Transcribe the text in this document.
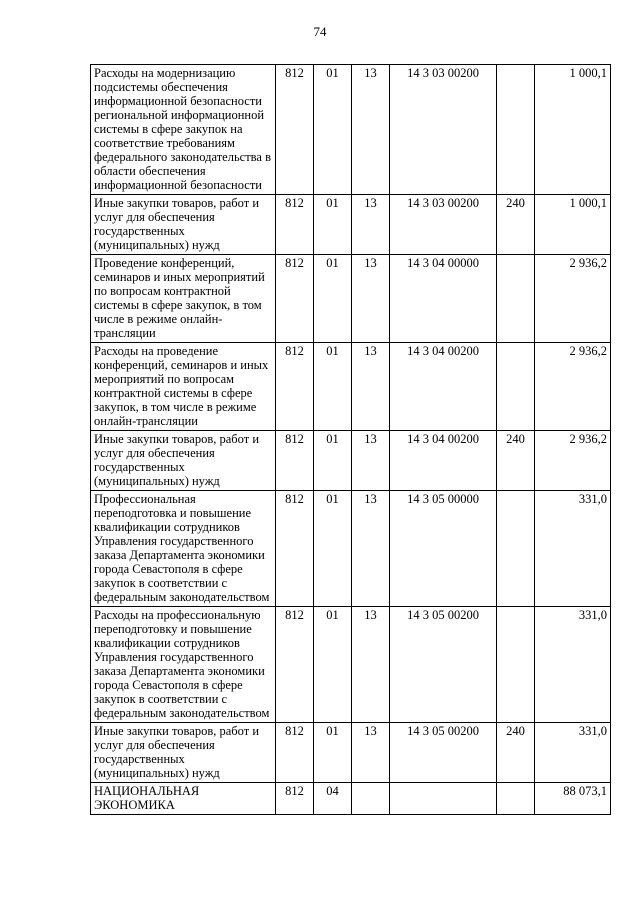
74
Расходы на модернизацию подсистемы обеспечения информационной безопасности региональной информационной системы в сфере закупок на соответствие требованиям федерального законодательства в области обеспечения информационной безопасности	812	01	13	14 3 03 00200		1 000,1
Иные закупки товаров, работ и услуг для обеспечения государственных (муниципальных) нужд	812	01	13	14 3 03 00200	240	1 000,1
Проведение конференций, семинаров и иных мероприятий по вопросам контрактной системы в сфере закупок, в том числе в режиме онлайн-трансляции	812	01	13	14 3 04 00000		2 936,2
Расходы на проведение конференций, семинаров и иных мероприятий по вопросам контрактной системы в сфере закупок, в том числе в режиме онлайн-трансляции	812	01	13	14 3 04 00200		2 936,2
Иные закупки товаров, работ и услуг для обеспечения государственных (муниципальных) нужд	812	01	13	14 3 04 00200	240	2 936,2
Профессиональная переподготовка и повышение квалификации сотрудников Управления государственного заказа Департамента экономики города Севастополя в сфере закупок в соответствии с федеральным законодательством	812	01	13	14 3 05 00000		331,0
Расходы на профессиональную переподготовку и повышение квалификации сотрудников Управления государственного заказа Департамента экономики города Севастополя в сфере закупок в соответствии с федеральным законодательством	812	01	13	14 3 05 00200		331,0
Иные закупки товаров, работ и услуг для обеспечения государственных (муниципальных) нужд	812	01	13	14 3 05 00200	240	331,0
НАЦИОНАЛЬНАЯ ЭКОНОМИКА	812	04				88 073,1
